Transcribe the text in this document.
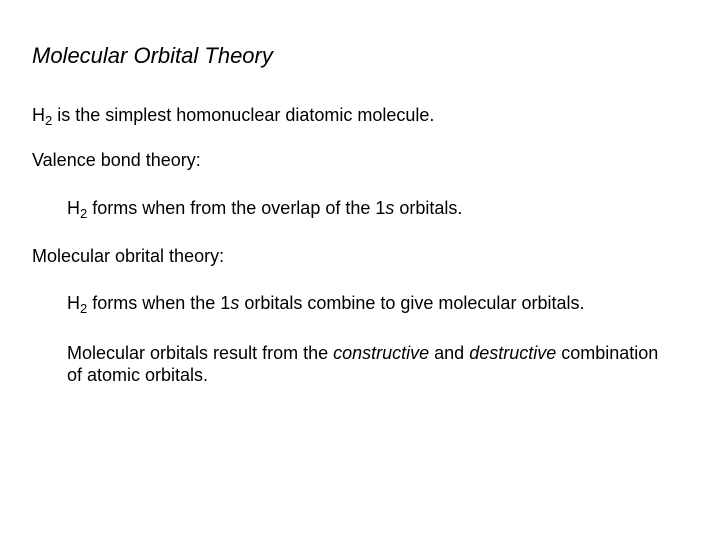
Molecular Orbital Theory
$H_2$ is the simplest homonuclear diatomic molecule.
Valence bond theory:
$H_2$ forms when from the overlap of the 1s orbitals.
Molecular obrital theory:
$H_2$ forms when the 1s orbitals combine to give molecular orbitals.
Molecular orbitals result from the constructive and destructive combination of atomic orbitals.
